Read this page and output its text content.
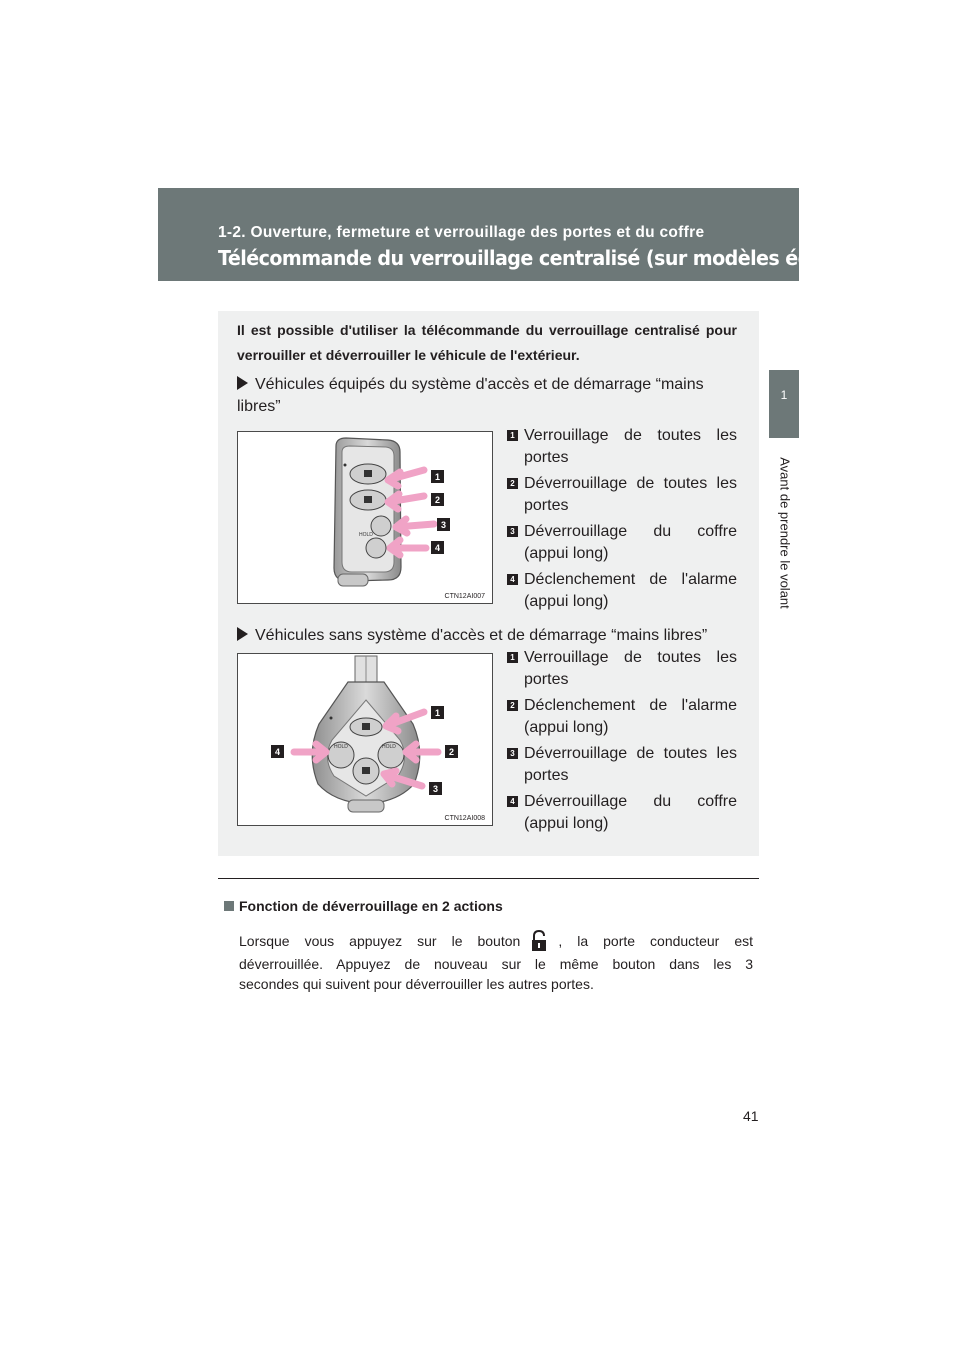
1-2. Ouverture, fermeture et verrouillage des portes et du coffre
Télécommande du verrouillage centralisé (sur modèles équipés)
1
Avant de prendre le volant

Il est possible d'utiliser la télécommande du verrouillage centralisé pour verrouiller et déverrouiller le véhicule de l'extérieur.

Véhicules équipés du système d'accès et de démarrage “mains libres”
HOLD
1
2
3
4
CTN12AI007
1 Verrouillage de toutes les portes
2 Déverrouillage de toutes les portes
3 Déverrouillage du coffre (appui long)
4 Déclenchement de l'alarme (appui long)
Véhicules sans système d'accès et de démarrage “mains libres”
HOLD	HOLD
1
2
3
4
CTN12AI008
1 Verrouillage de toutes les portes
2 Déclenchement de l'alarme (appui long)
3 Déverrouillage de toutes les portes
4 Déverrouillage du coffre (appui long)
Fonction de déverrouillage en 2 actions
Lorsque vous appuyez sur le bouton	, la porte conducteur est
déverrouillée. Appuyez de nouveau sur le même bouton dans les 3
secondes qui suivent pour déverrouiller les autres portes.
41
